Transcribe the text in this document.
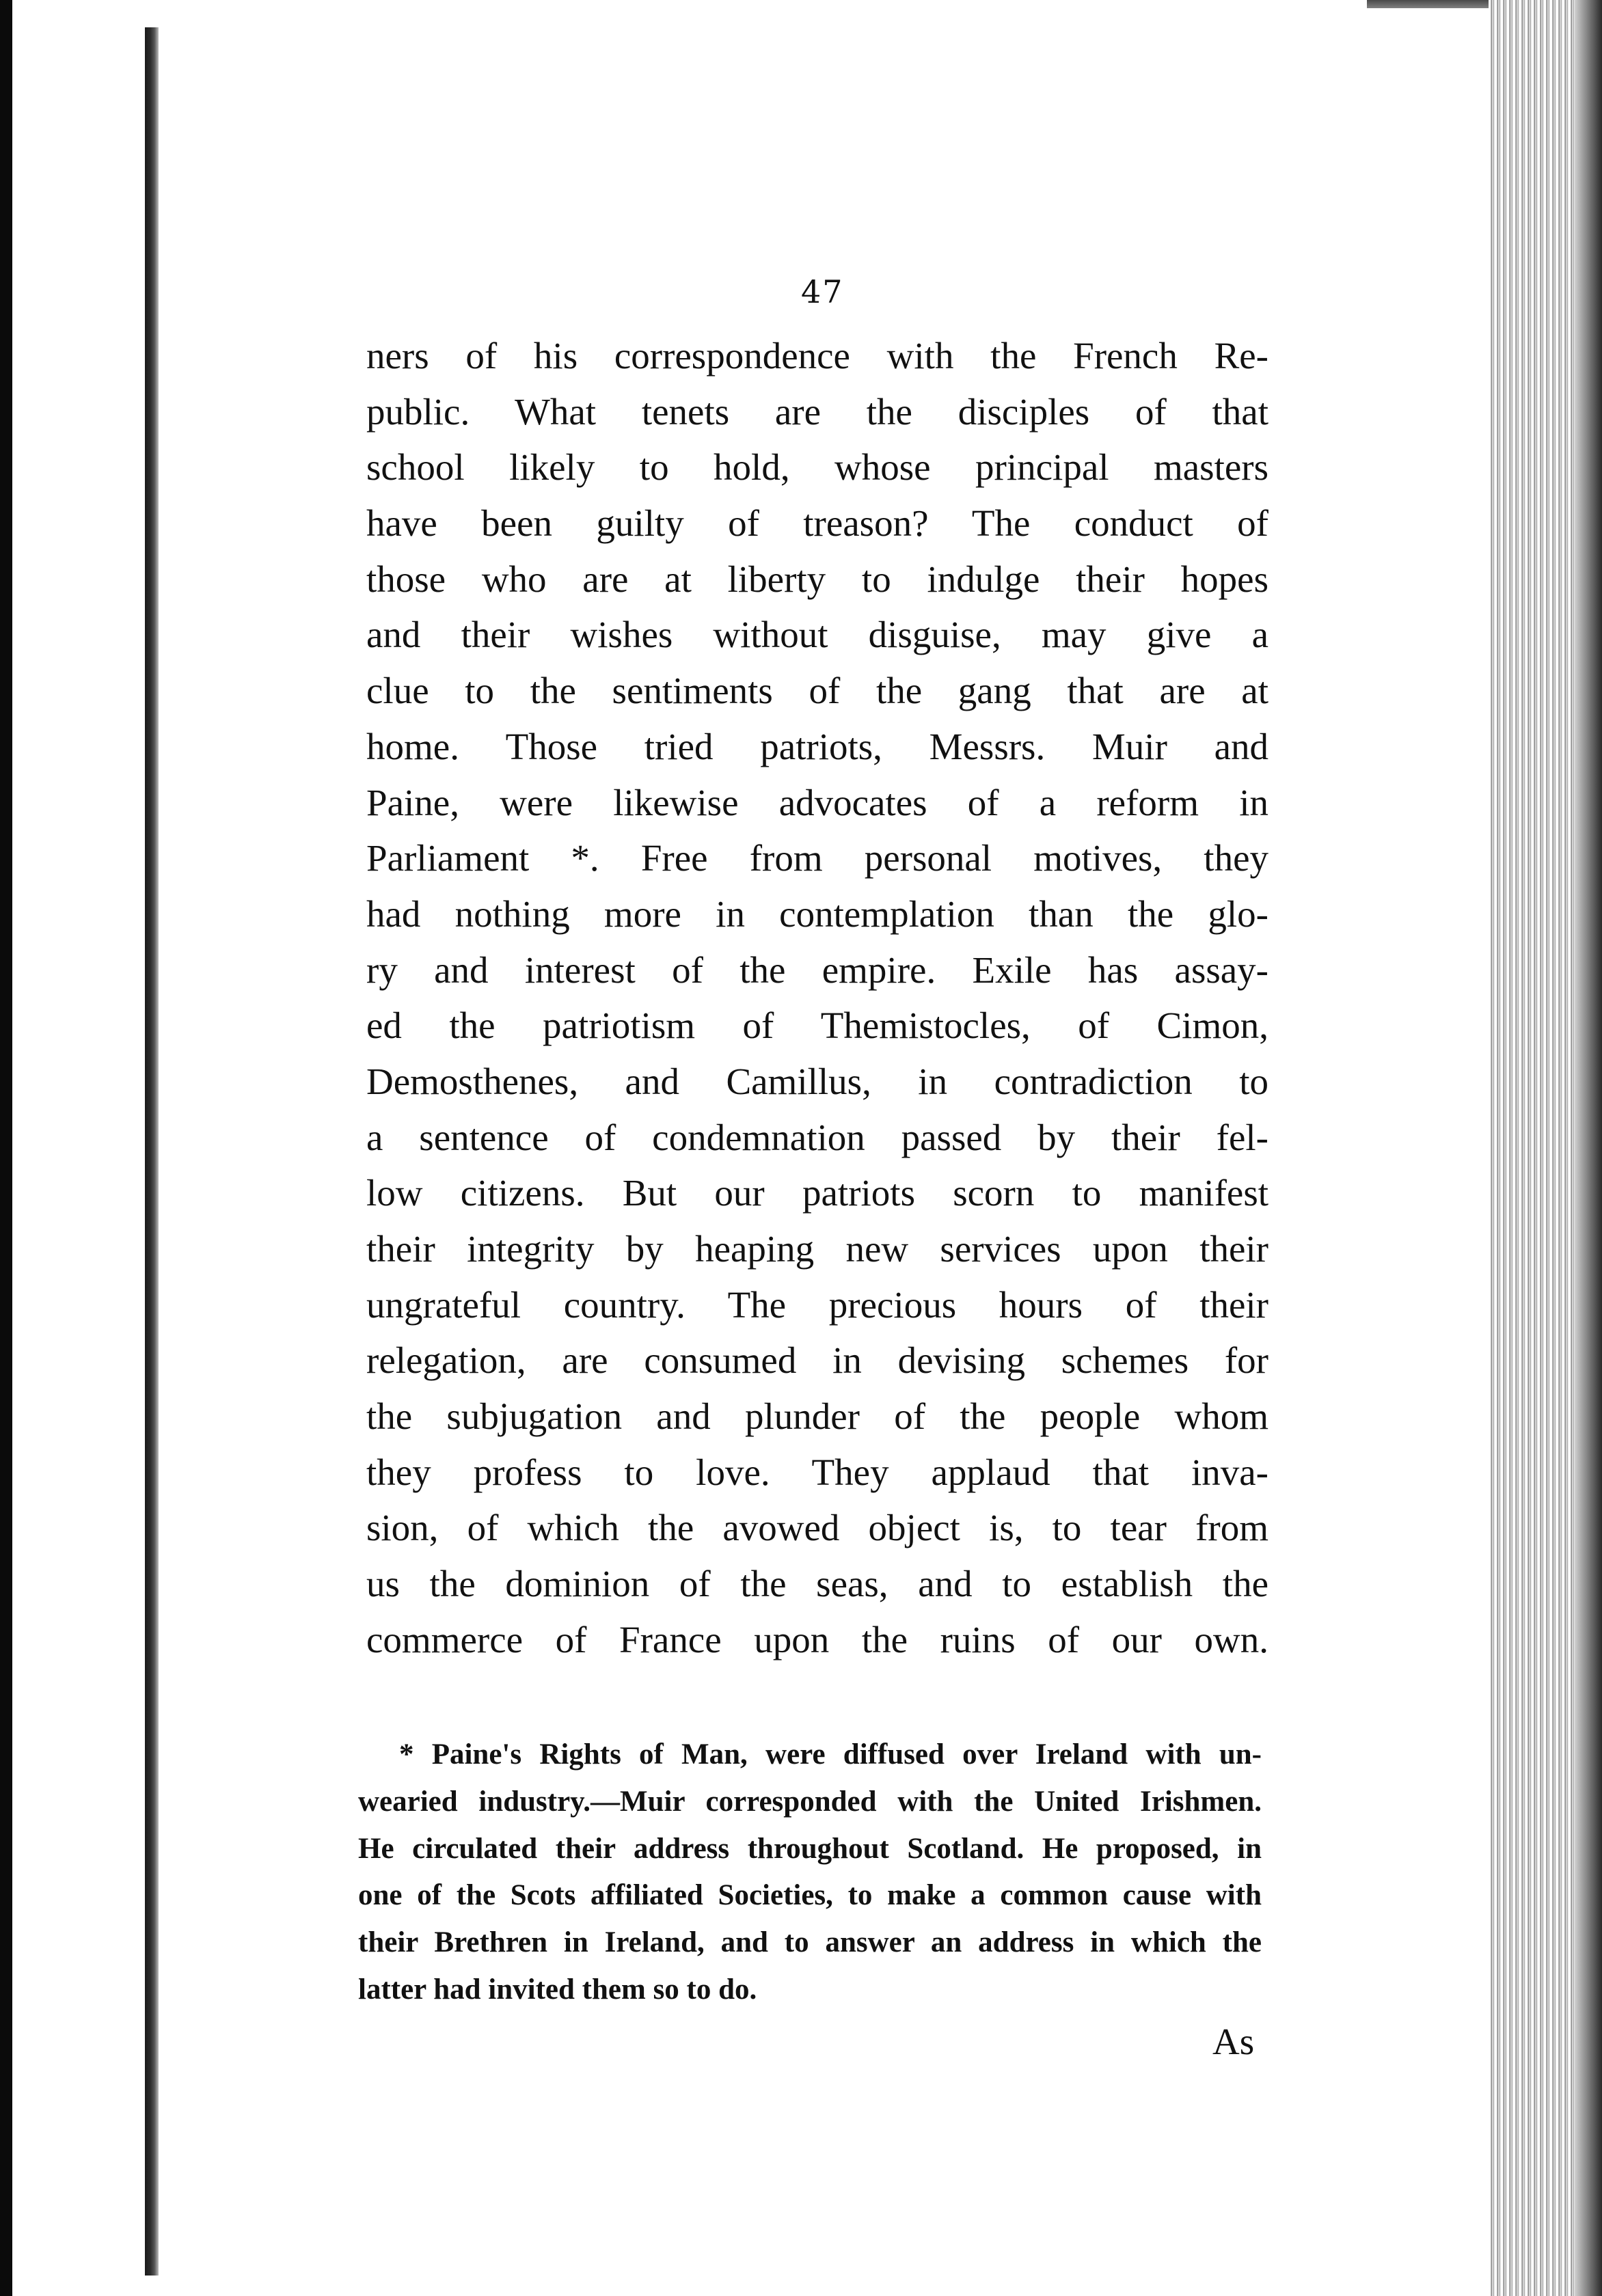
47
ners of his correspondence with the French Re-
public. What tenets are the disciples of that
school likely to hold, whose principal masters
have been guilty of treason? The conduct of
those who are at liberty to indulge their hopes
and their wishes without disguise, may give a
clue to the sentiments of the gang that are at
home. Those tried patriots, Messrs. Muir and
Paine, were likewise advocates of a reform in
Parliament *. Free from personal motives, they
had nothing more in contemplation than the glo-
ry and interest of the empire. Exile has assay-
ed the patriotism of Themistocles, of Cimon,
Demosthenes, and Camillus, in contradiction to
a sentence of condemnation passed by their fel-
low citizens. But our patriots scorn to manifest
their integrity by heaping new services upon their
ungrateful country. The precious hours of their
relegation, are consumed in devising schemes for
the subjugation and plunder of the people whom
they profess to love. They applaud that inva-
sion, of which the avowed object is, to tear from
us the dominion of the seas, and to establish the
commerce of France upon the ruins of our own.
* Paine's Rights of Man, were diffused over Ireland with un-
wearied industry.—Muir corresponded with the United Irishmen.
He circulated their address throughout Scotland. He proposed, in
one of the Scots affiliated Societies, to make a common cause with
their Brethren in Ireland, and to answer an address in which the
latter had invited them so to do.
As
